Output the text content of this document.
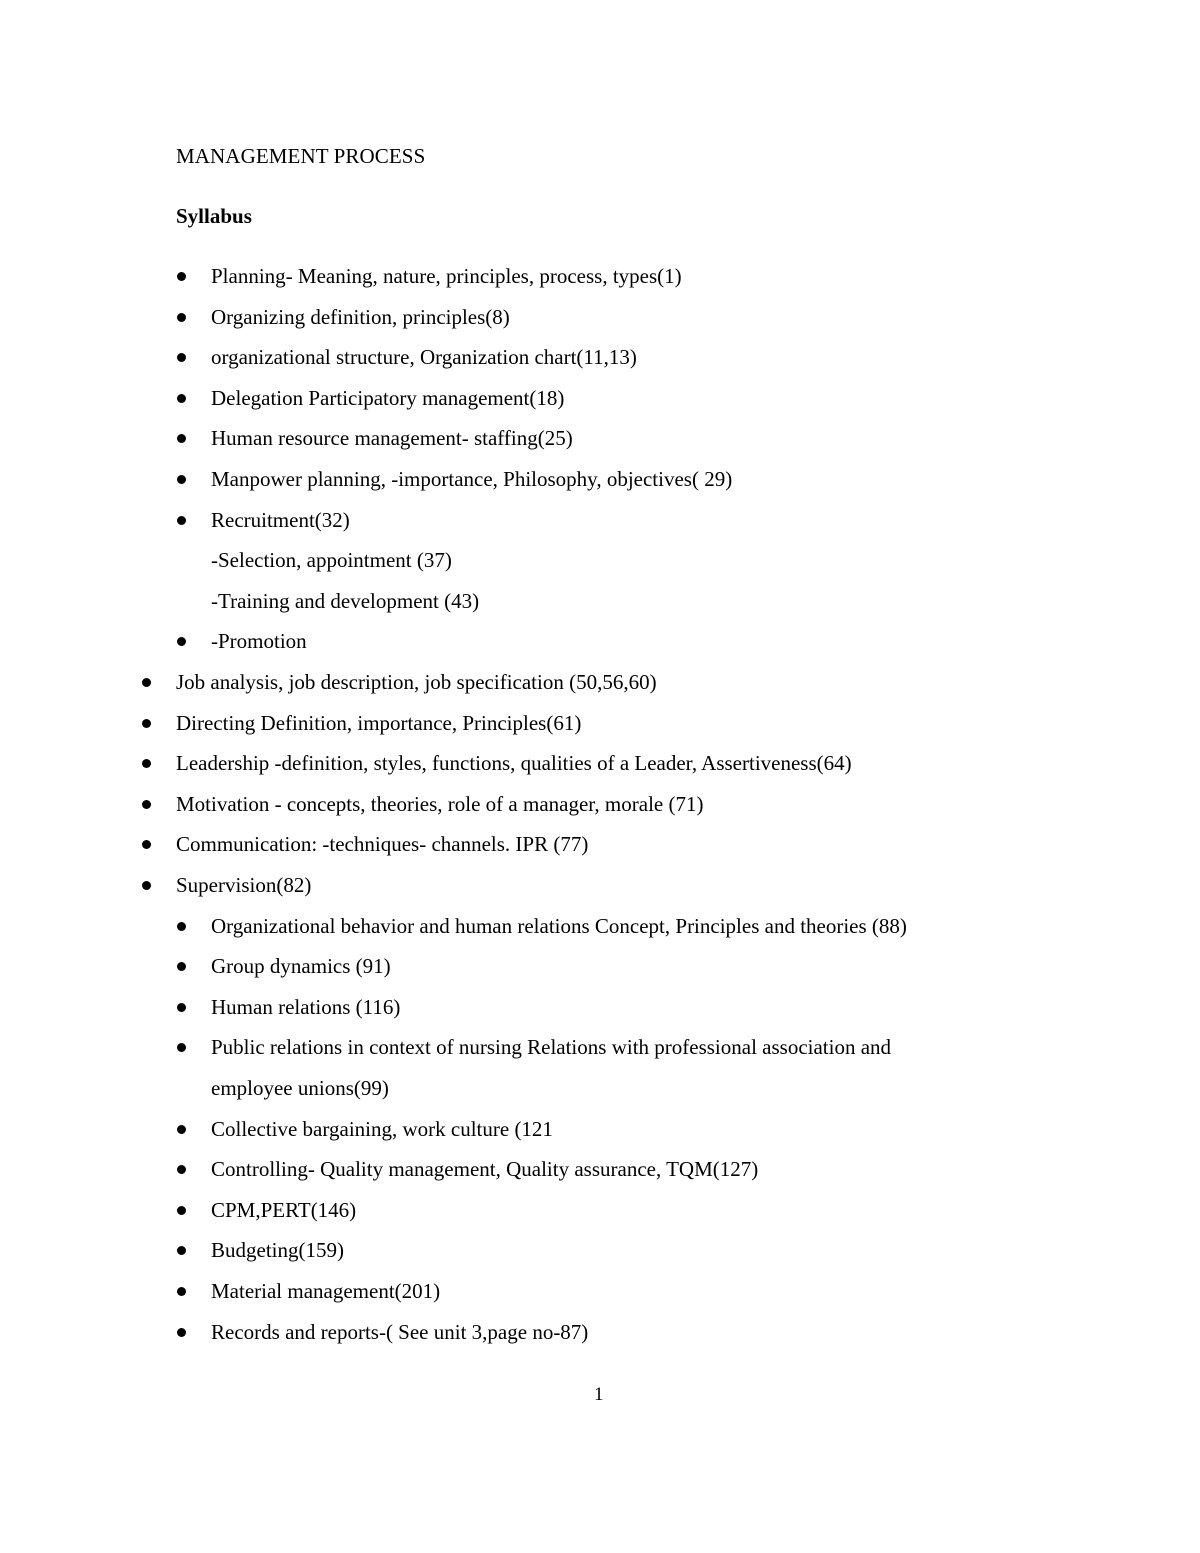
MANAGEMENT PROCESS
Syllabus
Planning- Meaning, nature, principles, process, types(1)
Organizing definition, principles(8)
organizational structure, Organization chart(11,13)
Delegation Participatory management(18)
Human resource management- staffing(25)
Manpower planning, -importance, Philosophy, objectives( 29)
Recruitment(32)
-Selection, appointment (37)
-Training and development (43)
-Promotion
Job analysis, job description, job specification (50,56,60)
Directing Definition, importance, Principles(61)
Leadership -definition, styles, functions, qualities of a Leader, Assertiveness(64)
Motivation - concepts, theories, role of a manager, morale (71)
Communication: -techniques- channels. IPR (77)
Supervision(82)
Organizational behavior and human relations Concept, Principles and theories (88)
Group dynamics (91)
Human relations (116)
Public relations in context of nursing Relations with professional association and
employee unions(99)
Collective bargaining, work culture (121
Controlling- Quality management, Quality assurance, TQM(127)
CPM,PERT(146)
Budgeting(159)
Material management(201)
Records and reports-( See unit 3,page no-87)
1
